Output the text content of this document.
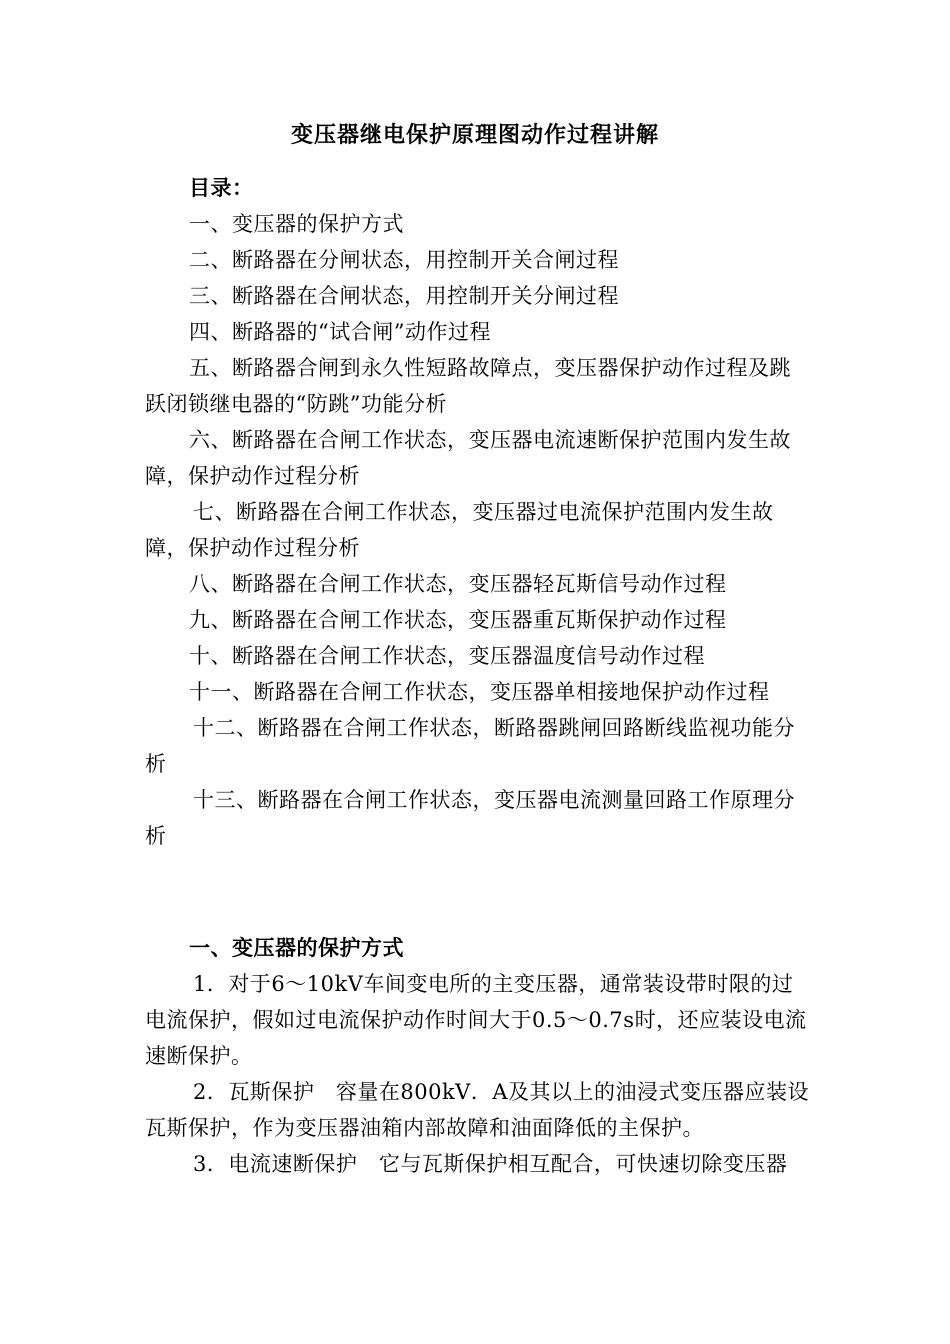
变压器继电保护原理图动作过程讲解
目录：
一、变压器的保护方式
二、断路器在分闸状态，用控制开关合闸过程
三、断路器在合闸状态，用控制开关分闸过程
四、断路器的“试合闸”动作过程
五、断路器合闸到永久性短路故障点，变压器保护动作过程及跳跃闭锁继电器的“防跳”功能分析
六、断路器在合闸工作状态，变压器电流速断保护范围内发生故障，保护动作过程分析
七、断路器在合闸工作状态，变压器过电流保护范围内发生故障，保护动作过程分析
八、断路器在合闸工作状态，变压器轻瓦斯信号动作过程
九、断路器在合闸工作状态，变压器重瓦斯保护动作过程
十、断路器在合闸工作状态，变压器温度信号动作过程
十一、断路器在合闸工作状态，变压器单相接地保护动作过程
十二、断路器在合闸工作状态，断路器跳闸回路断线监视功能分析
十三、断路器在合闸工作状态，变压器电流测量回路工作原理分析
一、变压器的保护方式
1．对于6～10kV车间变电所的主变压器，通常装设带时限的过电流保护，假如过电流保护动作时间大于0.5～0.7s时，还应装设电流速断保护。
2．瓦斯保护　容量在800kV．A及其以上的油浸式变压器应装设瓦斯保护，作为变压器油箱内部故障和油面降低的主保护。
3．电流速断保护　它与瓦斯保护相互配合，可快速切除变压器
